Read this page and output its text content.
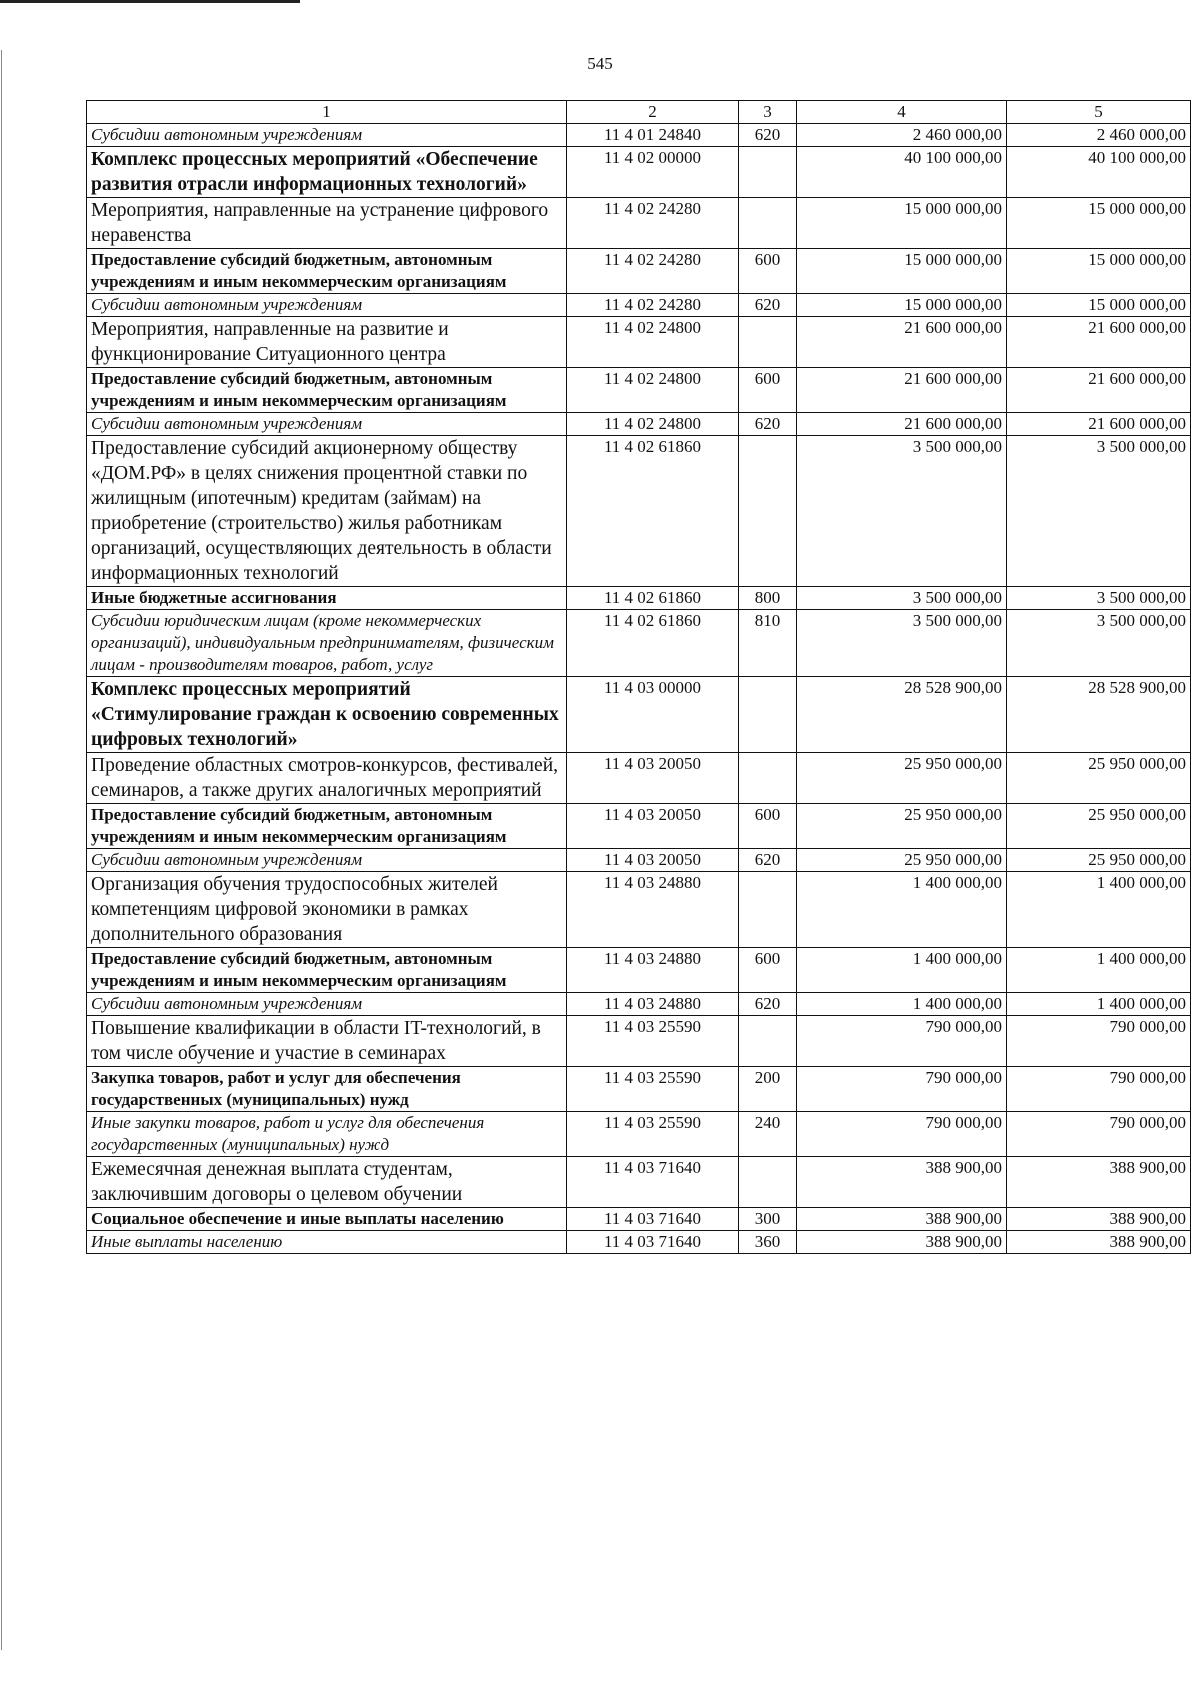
545
1	2	3	4	5
Субсидии автономным учреждениям	11 4 01 24840	620	2 460 000,00	2 460 000,00
Комплекс процессных мероприятий «Обеспечение развития отрасли информационных технологий»	11 4 02 00000		40 100 000,00	40 100 000,00
Мероприятия, направленные на устранение цифрового неравенства	11 4 02 24280		15 000 000,00	15 000 000,00
Предоставление субсидий бюджетным, автономным учреждениям и иным некоммерческим организациям	11 4 02 24280	600	15 000 000,00	15 000 000,00
Субсидии автономным учреждениям	11 4 02 24280	620	15 000 000,00	15 000 000,00
Мероприятия, направленные на развитие и функционирование Ситуационного центра	11 4 02 24800		21 600 000,00	21 600 000,00
Предоставление субсидий бюджетным, автономным учреждениям и иным некоммерческим организациям	11 4 02 24800	600	21 600 000,00	21 600 000,00
Субсидии автономным учреждениям	11 4 02 24800	620	21 600 000,00	21 600 000,00
Предоставление субсидий акционерному обществу «ДОМ.РФ» в целях снижения процентной ставки по жилищным (ипотечным) кредитам (займам) на приобретение (строительство) жилья работникам организаций, осуществляющих деятельность в области информационных технологий	11 4 02 61860		3 500 000,00	3 500 000,00
Иные бюджетные ассигнования	11 4 02 61860	800	3 500 000,00	3 500 000,00
Субсидии юридическим лицам (кроме некоммерческих организаций), индивидуальным предпринимателям, физическим лицам - производителям товаров, работ, услуг	11 4 02 61860	810	3 500 000,00	3 500 000,00
Комплекс процессных мероприятий «Стимулирование граждан к освоению современных цифровых технологий»	11 4 03 00000		28 528 900,00	28 528 900,00
Проведение областных смотров-конкурсов, фестивалей, семинаров, а также других аналогичных мероприятий	11 4 03 20050		25 950 000,00	25 950 000,00
Предоставление субсидий бюджетным, автономным учреждениям и иным некоммерческим организациям	11 4 03 20050	600	25 950 000,00	25 950 000,00
Субсидии автономным учреждениям	11 4 03 20050	620	25 950 000,00	25 950 000,00
Организация обучения трудоспособных жителей компетенциям цифровой экономики в рамках дополнительного образования	11 4 03 24880		1 400 000,00	1 400 000,00
Предоставление субсидий бюджетным, автономным учреждениям и иным некоммерческим организациям	11 4 03 24880	600	1 400 000,00	1 400 000,00
Субсидии автономным учреждениям	11 4 03 24880	620	1 400 000,00	1 400 000,00
Повышение квалификации в области IT-технологий, в том числе обучение и участие в семинарах	11 4 03 25590		790 000,00	790 000,00
Закупка товаров, работ и услуг для обеспечения государственных (муниципальных) нужд	11 4 03 25590	200	790 000,00	790 000,00
Иные закупки товаров, работ и услуг для обеспечения государственных (муниципальных) нужд	11 4 03 25590	240	790 000,00	790 000,00
Ежемесячная денежная выплата студентам, заключившим договоры о целевом обучении	11 4 03 71640		388 900,00	388 900,00
Социальное обеспечение и иные выплаты населению	11 4 03 71640	300	388 900,00	388 900,00
Иные выплаты населению	11 4 03 71640	360	388 900,00	388 900,00
